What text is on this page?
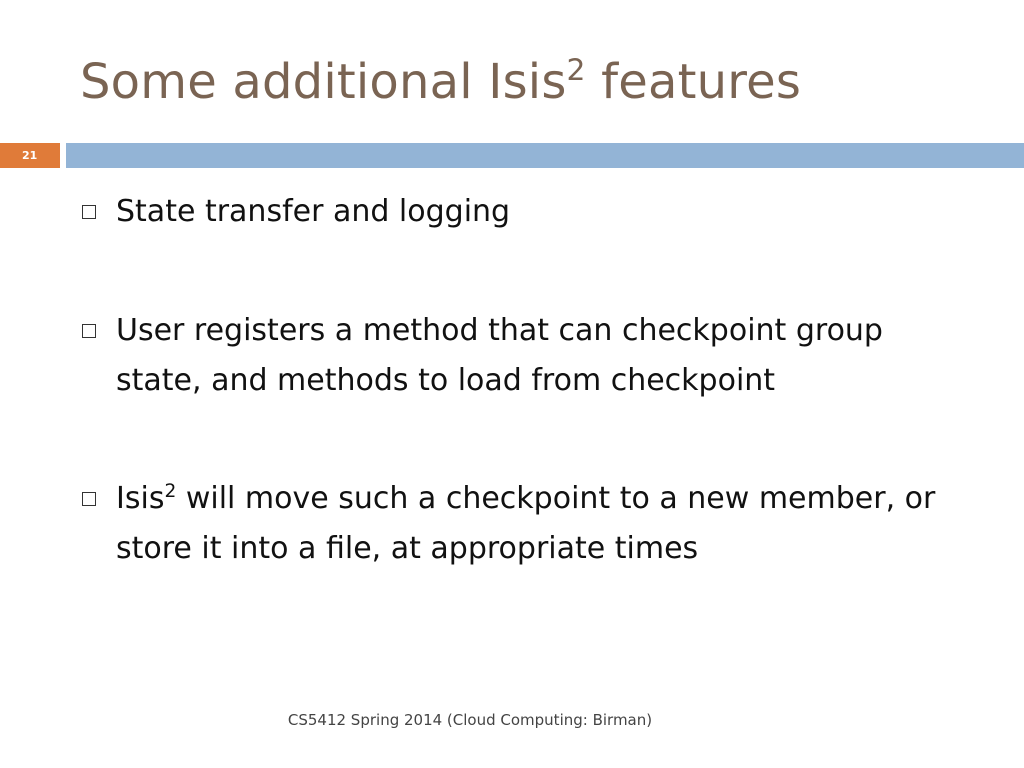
Some additional Isis$^2$ features
21
State transfer and logging
User registers a method that can checkpoint group state, and methods to load from checkpoint
Isis$^2$ will move such a checkpoint to a new member, or store it into a file, at appropriate times
CS5412 Spring 2014 (Cloud Computing: Birman)
